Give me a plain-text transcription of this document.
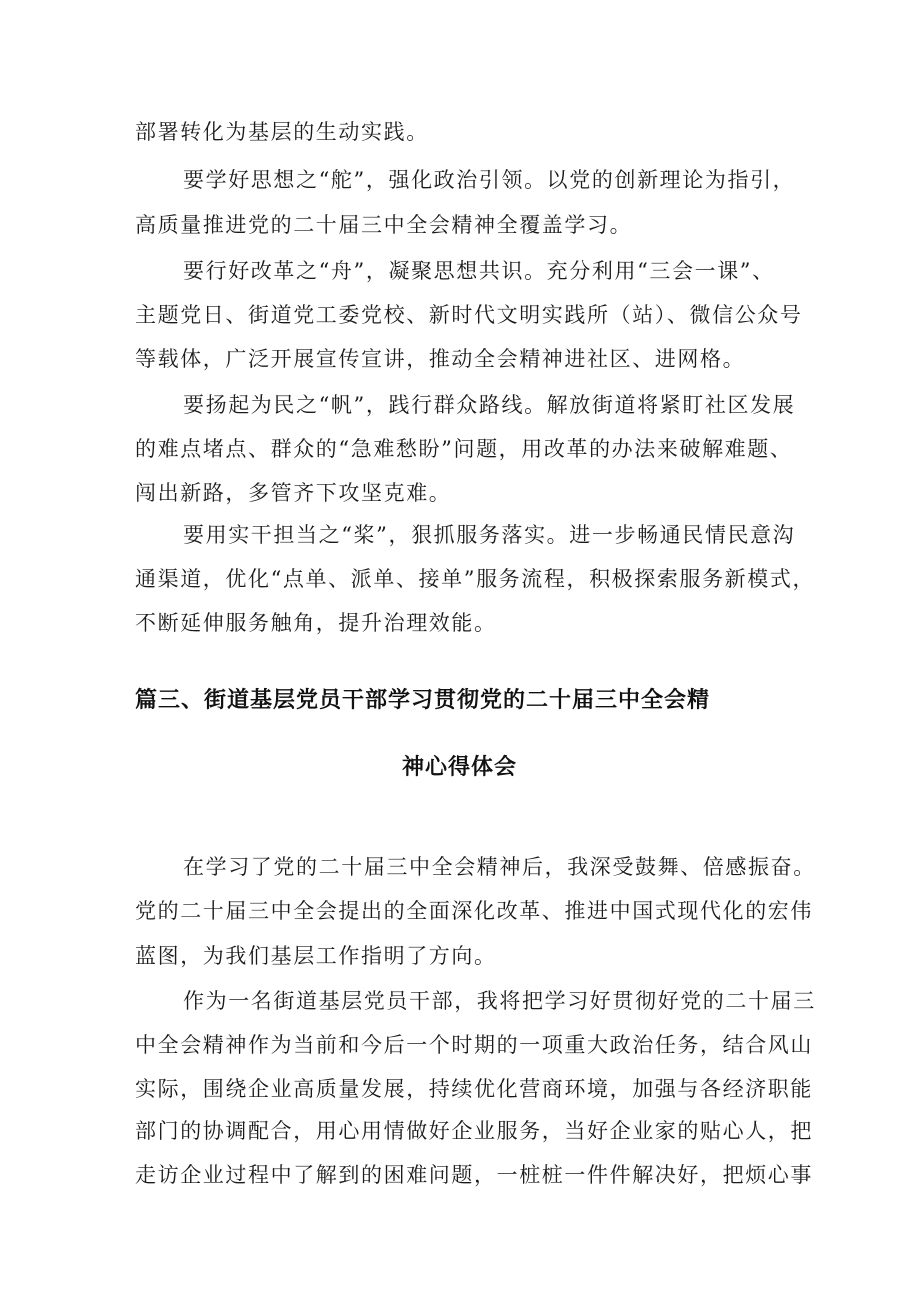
部署转化为基层的生动实践。
要学好思想之“舵”，强化政治引领。以党的创新理论为指引，
高质量推进党的二十届三中全会精神全覆盖学习。
要行好改革之“舟”，凝聚思想共识。充分利用“三会一课”、
主题党日、街道党工委党校、新时代文明实践所（站）、微信公众号
等载体，广泛开展宣传宣讲，推动全会精神进社区、进网格。
要扬起为民之“帆”，践行群众路线。解放街道将紧盯社区发展
的难点堵点、群众的“急难愁盼”问题，用改革的办法来破解难题、
闯出新路，多管齐下攻坚克难。
要用实干担当之“桨”，狠抓服务落实。进一步畅通民情民意沟
通渠道，优化“点单、派单、接单”服务流程，积极探索服务新模式，
不断延伸服务触角，提升治理效能。
篇三、街道基层党员干部学习贯彻党的二十届三中全会精
神心得体会
在学习了党的二十届三中全会精神后，我深受鼓舞、倍感振奋。
党的二十届三中全会提出的全面深化改革、推进中国式现代化的宏伟
蓝图，为我们基层工作指明了方向。
作为一名街道基层党员干部，我将把学习好贯彻好党的二十届三
中全会精神作为当前和今后一个时期的一项重大政治任务，结合风山
实际，围绕企业高质量发展，持续优化营商环境，加强与各经济职能
部门的协调配合，用心用情做好企业服务，当好企业家的贴心人，把
走访企业过程中了解到的困难问题，一桩桩一件件解决好，把烦心事
